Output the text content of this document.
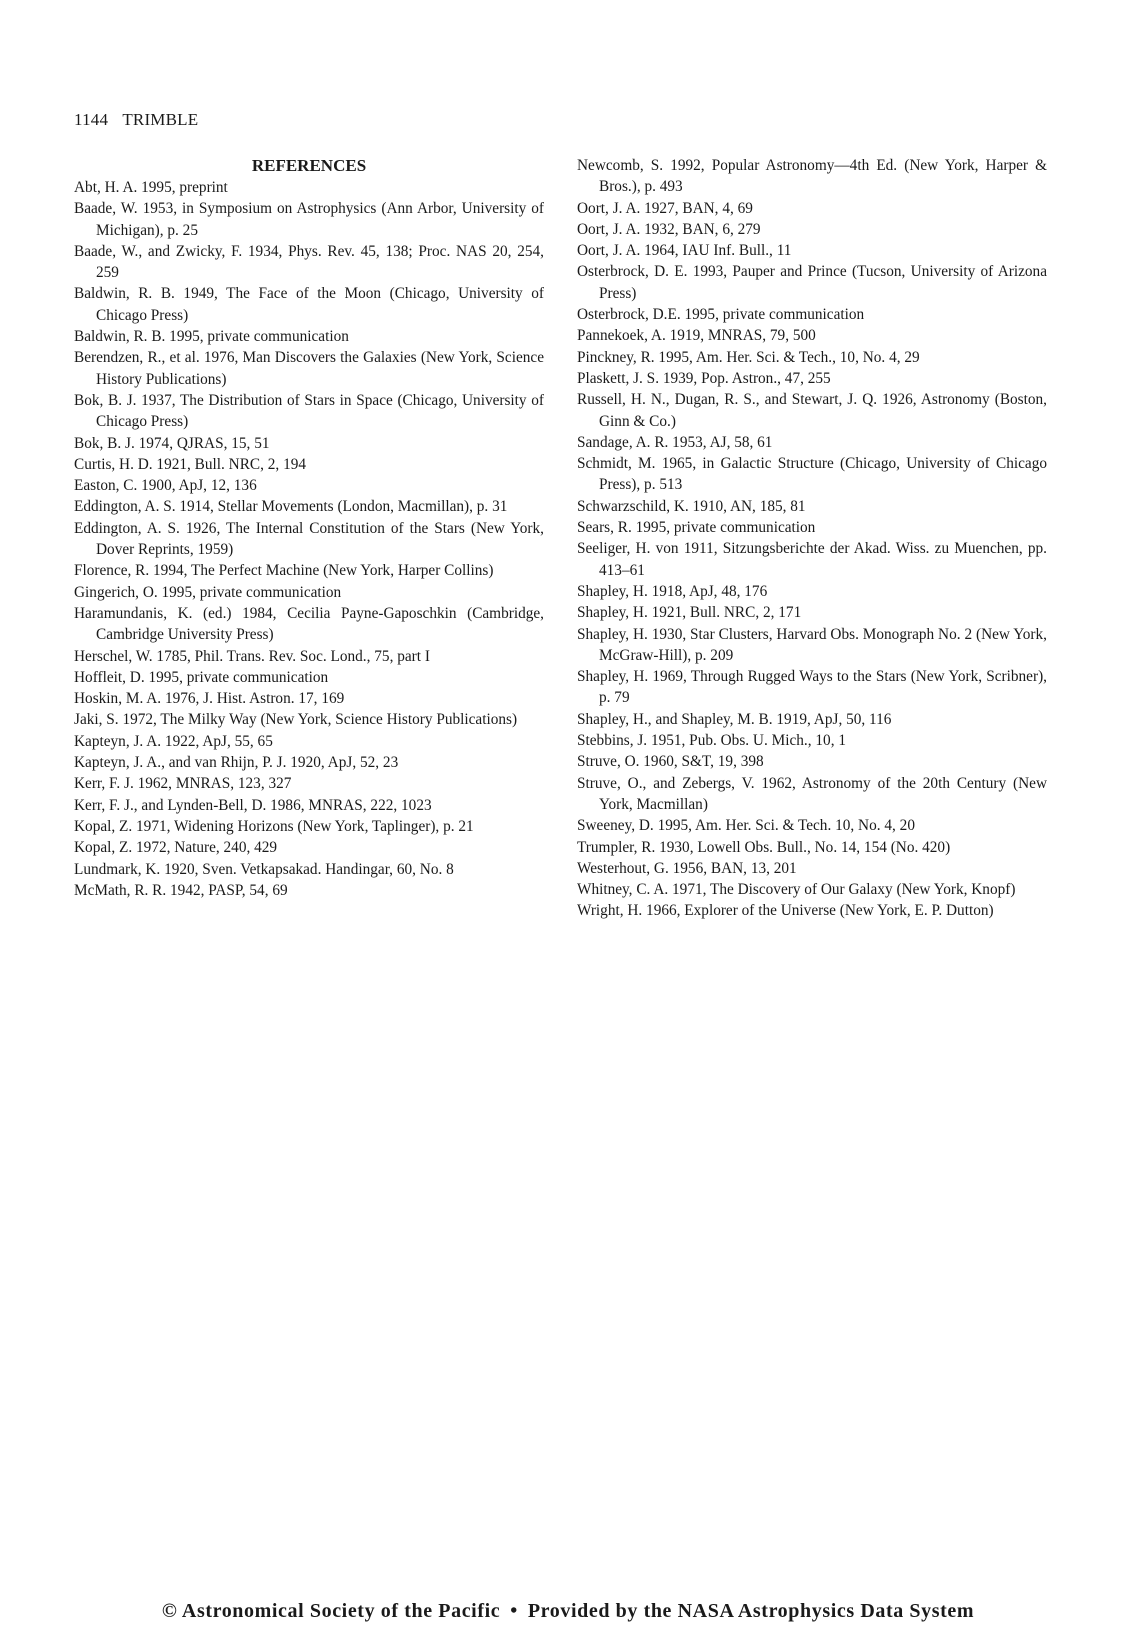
1144 TRIMBLE
REFERENCES

Abt, H. A. 1995, preprint

Baade, W. 1953, in Symposium on Astrophysics (Ann Arbor, University of Michigan), p. 25

Baade, W., and Zwicky, F. 1934, Phys. Rev. 45, 138; Proc. NAS 20, 254, 259

Baldwin, R. B. 1949, The Face of the Moon (Chicago, University of Chicago Press)

Baldwin, R. B. 1995, private communication

Berendzen, R., et al. 1976, Man Discovers the Galaxies (New York, Science History Publications)

Bok, B. J. 1937, The Distribution of Stars in Space (Chicago, University of Chicago Press)

Bok, B. J. 1974, QJRAS, 15, 51

Curtis, H. D. 1921, Bull. NRC, 2, 194

Easton, C. 1900, ApJ, 12, 136

Eddington, A. S. 1914, Stellar Movements (London, Macmillan), p. 31

Eddington, A. S. 1926, The Internal Constitution of the Stars (New York, Dover Reprints, 1959)

Florence, R. 1994, The Perfect Machine (New York, Harper Collins)

Gingerich, O. 1995, private communication

Haramundanis, K. (ed.) 1984, Cecilia Payne-Gaposchkin (Cambridge, Cambridge University Press)

Herschel, W. 1785, Phil. Trans. Rev. Soc. Lond., 75, part I

Hoffleit, D. 1995, private communication

Hoskin, M. A. 1976, J. Hist. Astron. 17, 169

Jaki, S. 1972, The Milky Way (New York, Science History Publications)

Kapteyn, J. A. 1922, ApJ, 55, 65

Kapteyn, J. A., and van Rhijn, P. J. 1920, ApJ, 52, 23

Kerr, F. J. 1962, MNRAS, 123, 327

Kerr, F. J., and Lynden-Bell, D. 1986, MNRAS, 222, 1023

Kopal, Z. 1971, Widening Horizons (New York, Taplinger), p. 21

Kopal, Z. 1972, Nature, 240, 429

Lundmark, K. 1920, Sven. Vetkapsakad. Handingar, 60, No. 8

McMath, R. R. 1942, PASP, 54, 69

Newcomb, S. 1992, Popular Astronomy—4th Ed. (New York, Harper & Bros.), p. 493

Oort, J. A. 1927, BAN, 4, 69

Oort, J. A. 1932, BAN, 6, 279

Oort, J. A. 1964, IAU Inf. Bull., 11

Osterbrock, D. E. 1993, Pauper and Prince (Tucson, University of Arizona Press)

Osterbrock, D.E. 1995, private communication

Pannekoek, A. 1919, MNRAS, 79, 500

Pinckney, R. 1995, Am. Her. Sci. & Tech., 10, No. 4, 29

Plaskett, J. S. 1939, Pop. Astron., 47, 255

Russell, H. N., Dugan, R. S., and Stewart, J. Q. 1926, Astronomy (Boston, Ginn & Co.)

Sandage, A. R. 1953, AJ, 58, 61

Schmidt, M. 1965, in Galactic Structure (Chicago, University of Chicago Press), p. 513

Schwarzschild, K. 1910, AN, 185, 81

Sears, R. 1995, private communication

Seeliger, H. von 1911, Sitzungsberichte der Akad. Wiss. zu Muenchen, pp. 413–61

Shapley, H. 1918, ApJ, 48, 176

Shapley, H. 1921, Bull. NRC, 2, 171

Shapley, H. 1930, Star Clusters, Harvard Obs. Monograph No. 2 (New York, McGraw-Hill), p. 209

Shapley, H. 1969, Through Rugged Ways to the Stars (New York, Scribner), p. 79

Shapley, H., and Shapley, M. B. 1919, ApJ, 50, 116

Stebbins, J. 1951, Pub. Obs. U. Mich., 10, 1

Struve, O. 1960, S&T, 19, 398

Struve, O., and Zebergs, V. 1962, Astronomy of the 20th Century (New York, Macmillan)

Sweeney, D. 1995, Am. Her. Sci. & Tech. 10, No. 4, 20

Trumpler, R. 1930, Lowell Obs. Bull., No. 14, 154 (No. 420)

Westerhout, G. 1956, BAN, 13, 201

Whitney, C. A. 1971, The Discovery of Our Galaxy (New York, Knopf)

Wright, H. 1966, Explorer of the Universe (New York, E. P. Dutton)

© Astronomical Society of the Pacific • Provided by the NASA Astrophysics Data System
